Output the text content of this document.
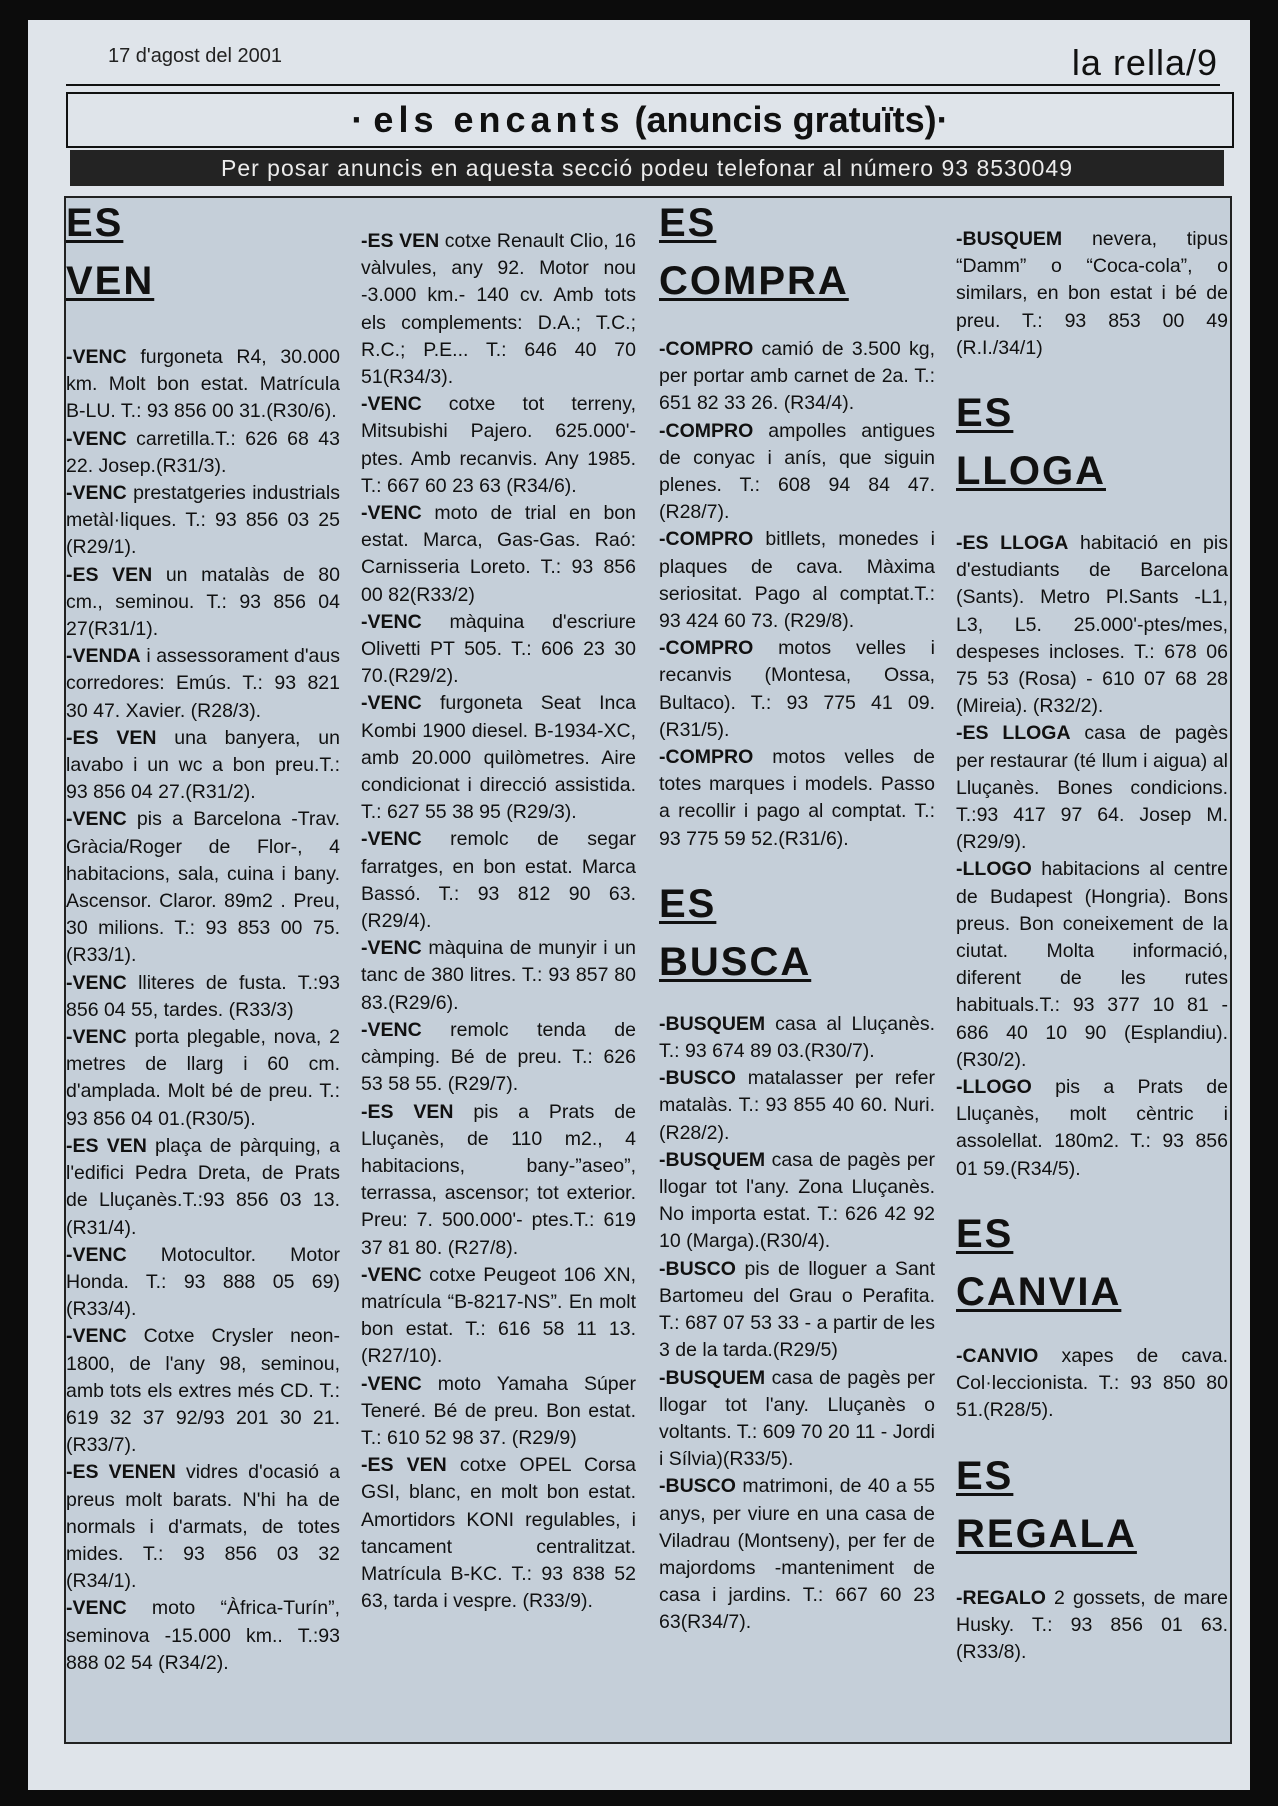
17 d'agost del 2001	la rella/9
· els encants
(anuncis gratuïts) ·
Per posar anuncis en aquesta secció podeu telefonar al número 93 8530049
ES
VEN

-VENC furgoneta R4, 30.000 km. Molt bon estat. Matrícula B-LU. T.: 93 856 00 31.(R30/6).

-VENC carretilla.T.: 626 68 43 22. Josep.(R31/3).

-VENC prestatgeries industrials metàl·liques. T.: 93 856 03 25 (R29/1).

-ES VEN un matalàs de 80 cm., seminou. T.: 93 856 04 27(R31/1).

-VENDA i assessorament d'aus corredores: Emús. T.: 93 821 30 47. Xavier. (R28/3).

-ES VEN una banyera, un lavabo i un wc a bon preu.T.: 93 856 04 27.(R31/2).

-VENC pis a Barcelona -Trav. Gràcia/Roger de Flor-, 4 habitacions, sala, cuina i bany. Ascensor. Claror. 89m2 . Preu, 30 milions. T.: 93 853 00 75. (R33/1).

-VENC lliteres de fusta. T.:93 856 04 55, tardes. (R33/3)

-VENC porta plegable, nova, 2 metres de llarg i 60 cm. d'amplada. Molt bé de preu. T.: 93 856 04 01.(R30/5).

-ES VEN plaça de pàrquing, a l'edifici Pedra Dreta, de Prats de Lluçanès.T.:93 856 03 13.(R31/4).

-VENC Motocultor. Motor Honda. T.: 93 888 05 69)(R33/4).

-VENC Cotxe Crysler neon-1800, de l'any 98, seminou, amb tots els extres més CD. T.: 619 32 37 92/93 201 30 21. (R33/7).

-ES VENEN vidres d'ocasió a preus molt barats. N'hi ha de normals i d'armats, de totes mides. T.: 93 856 03 32 (R34/1).

-VENC moto “Àfrica-Turín”, seminova -15.000 km.. T.:93 888 02 54 (R34/2).

-ES VEN cotxe Renault Clio, 16 vàlvules, any 92. Motor nou -3.000 km.- 140 cv. Amb tots els complements: D.A.; T.C.; R.C.; P.E... T.: 646 40 70 51(R34/3).

-VENC cotxe tot terreny, Mitsubishi Pajero. 625.000'-ptes. Amb recanvis. Any 1985. T.: 667 60 23 63 (R34/6).

-VENC moto de trial en bon estat. Marca, Gas-Gas. Raó: Carnisseria Loreto. T.: 93 856 00 82(R33/2)

-VENC màquina d'escriure Olivetti PT 505. T.: 606 23 30 70.(R29/2).

-VENC furgoneta Seat Inca Kombi 1900 diesel. B-1934-XC, amb 20.000 quilòmetres. Aire condicionat i direcció assistida. T.: 627 55 38 95 (R29/3).

-VENC remolc de segar farratges, en bon estat. Marca Bassó. T.: 93 812 90 63.(R29/4).

-VENC màquina de munyir i un tanc de 380 litres. T.: 93 857 80 83.(R29/6).

-VENC remolc tenda de càmping. Bé de preu. T.: 626 53 58 55. (R29/7).

-ES VEN pis a Prats de Lluçanès, de 110 m2., 4 habitacions, bany-”aseo”, terrassa, ascensor; tot exterior. Preu: 7. 500.000'- ptes.T.: 619 37 81 80. (R27/8).

-VENC cotxe Peugeot 106 XN, matrícula “B-8217-NS”. En molt bon estat. T.: 616 58 11 13. (R27/10).

-VENC moto Yamaha Súper Teneré. Bé de preu. Bon estat. T.: 610 52 98 37. (R29/9)

-ES VEN cotxe OPEL Corsa GSI, blanc, en molt bon estat. Amortidors KONI regulables, i tancament centralitzat. Matrícula B-KC. T.: 93 838 52 63, tarda i vespre. (R33/9).

ES
COMPRA

-COMPRO camió de 3.500 kg, per portar amb carnet de 2a. T.: 651 82 33 26. (R34/4).

-COMPRO ampolles antigues de conyac i anís, que siguin plenes. T.: 608 94 84 47. (R28/7).

-COMPRO bitllets, monedes i plaques de cava. Màxima seriositat. Pago al comptat.T.: 93 424 60 73. (R29/8).

-COMPRO motos velles i recanvis (Montesa, Ossa, Bultaco). T.: 93 775 41 09.(R31/5).

-COMPRO motos velles de totes marques i models. Passo a recollir i pago al comptat. T.: 93 775 59 52.(R31/6).

ES
BUSCA

-BUSQUEM casa al Lluçanès. T.: 93 674 89 03.(R30/7).

-BUSCO matalasser per refer matalàs. T.: 93 855 40 60. Nuri. (R28/2).

-BUSQUEM casa de pagès per llogar tot l'any. Zona Lluçanès. No importa estat. T.: 626 42 92 10 (Marga).(R30/4).

-BUSCO pis de lloguer a Sant Bartomeu del Grau o Perafita. T.: 687 07 53 33 - a partir de les 3 de la tarda.(R29/5)

-BUSQUEM casa de pagès per llogar tot l'any. Lluçanès o voltants. T.: 609 70 20 11 - Jordi i Sílvia)(R33/5).

-BUSCO matrimoni, de 40 a 55 anys, per viure en una casa de Viladrau (Montseny), per fer de majordoms -manteniment de casa i jardins. T.: 667 60 23 63(R34/7).

-BUSQUEM nevera, tipus “Damm” o “Coca-cola”, o similars, en bon estat i bé de preu. T.: 93 853 00 49 (R.I./34/1)

ES
LLOGA

-ES LLOGA habitació en pis d'estudiants de Barcelona (Sants). Metro Pl.Sants -L1, L3, L5. 25.000'-ptes/mes, despeses incloses. T.: 678 06 75 53 (Rosa) - 610 07 68 28 (Mireia). (R32/2).

-ES LLOGA casa de pagès per restaurar (té llum i aigua) al Lluçanès. Bones condicions. T.:93 417 97 64. Josep M.(R29/9).

-LLOGO habitacions al centre de Budapest (Hongria). Bons preus. Bon coneixement de la ciutat. Molta informació, diferent de les rutes habituals.T.: 93 377 10 81 - 686 40 10 90 (Esplandiu).(R30/2).

-LLOGO pis a Prats de Lluçanès, molt cèntric i assolellat. 180m2. T.: 93 856 01 59.(R34/5).

ES
CANVIA

-CANVIO xapes de cava. Col·leccionista. T.: 93 850 80 51.(R28/5).

ES
REGALA

-REGALO 2 gossets, de mare Husky. T.: 93 856 01 63.(R33/8).
